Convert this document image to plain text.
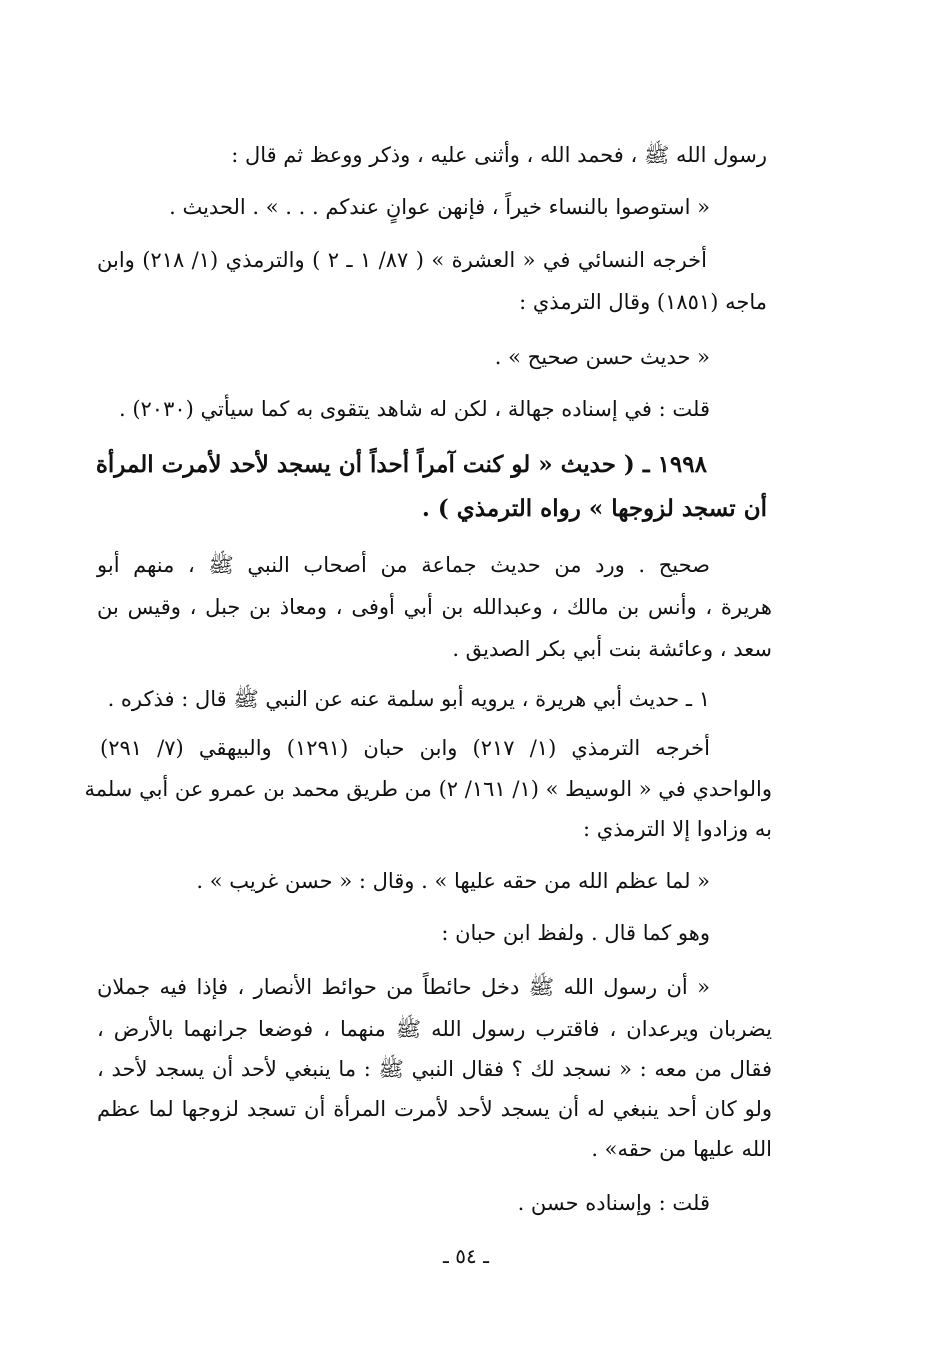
رسول الله ﷺ ، فحمد الله ، وأثنى عليه ، وذكر ووعظ ثم قال :
« استوصوا بالنساء خيراً ، فإنهن عوانٍ عندكم . . . » . الحديث .
أخرجه النسائي في « العشرة » ( ٨٧/ ١ ـ ٢ ) والترمذي (١/ ٢١٨) وابن
ماجه (١٨٥١) وقال الترمذي :
« حديث حسن صحيح » .
قلت : في إسناده جهالة ، لكن له شاهد يتقوى به كما سيأتي (٢٠٣٠) .
١٩٩٨ ـ ( حديث « لو كنت آمراً أحداً أن يسجد لأحد لأمرت المرأة
أن تسجد لزوجها » رواه الترمذي ) .
صحيح . ورد من حديث جماعة من أصحاب النبي ﷺ ، منهم أبو
هريرة ، وأنس بن مالك ، وعبدالله بن أبي أوفى ، ومعاذ بن جبل ، وقيس بن
سعد ، وعائشة بنت أبي بكر الصديق .
١ ـ حديث أبي هريرة ، يرويه أبو سلمة عنه عن النبي ﷺ قال : فذكره .
أخرجه الترمذي (١/ ٢١٧) وابن حبان (١٢٩١) والبيهقي (٧/ ٢٩١)
والواحدي في « الوسيط » (١/ ١٦١/ ٢) من طريق محمد بن عمرو عن أبي سلمة
به وزادوا إلا الترمذي :
« لما عظم الله من حقه عليها » . وقال : « حسن غريب » .
وهو كما قال . ولفظ ابن حبان :
« أن رسول الله ﷺ دخل حائطاً من حوائط الأنصار ، فإذا فيه جملان
يضربان ويرعدان ، فاقترب رسول الله ﷺ منهما ، فوضعا جرانهما بالأرض ،
فقال من معه : « نسجد لك ؟ فقال النبي ﷺ : ما ينبغي لأحد أن يسجد لأحد ،
ولو كان أحد ينبغي له أن يسجد لأحد لأمرت المرأة أن تسجد لزوجها لما عظم
الله عليها من حقه» .
قلت : وإسناده حسن .
ـ ٥٤ ـ
